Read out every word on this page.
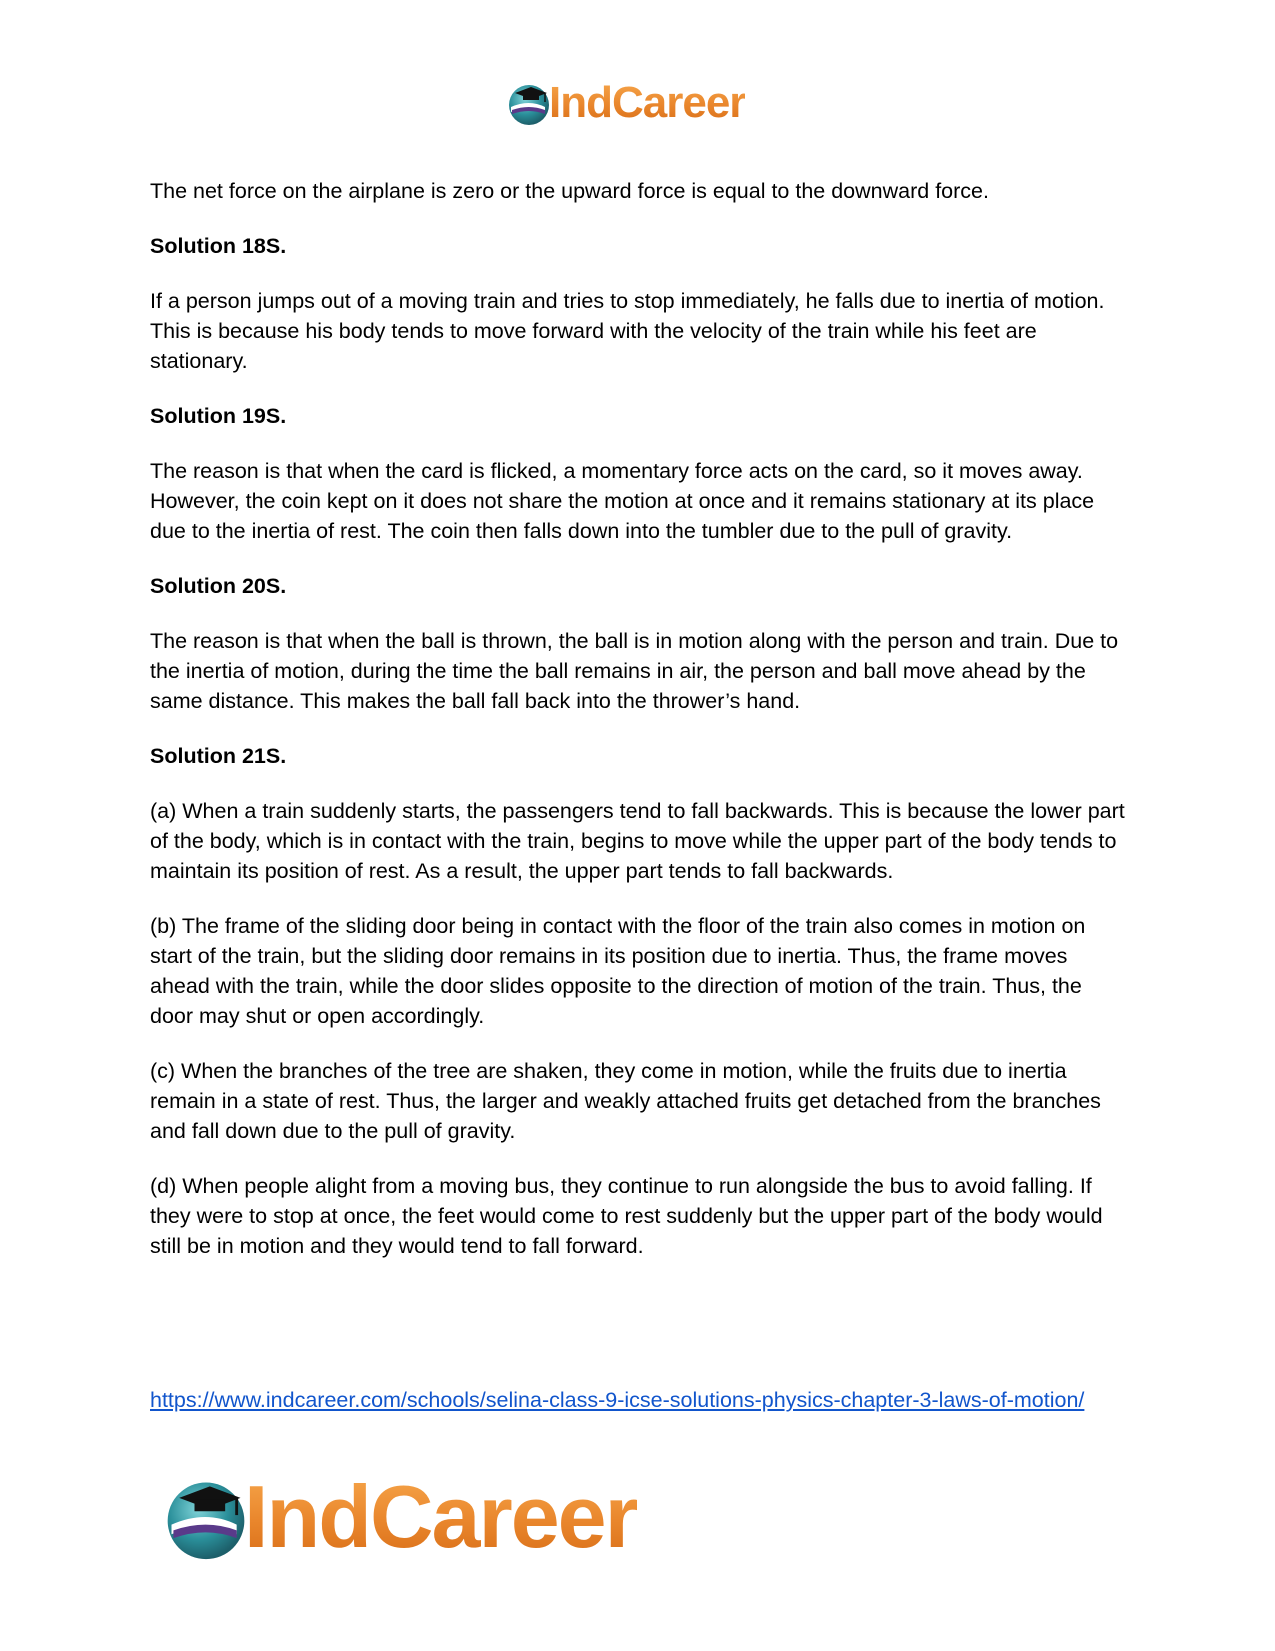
IndCareer

The net force on the airplane is zero or the upward force is equal to the downward force.

Solution 18S.

If a person jumps out of a moving train and tries to stop immediately, he falls due to inertia of motion. This is because his body tends to move forward with the velocity of the train while his feet are stationary.

Solution 19S.

The reason is that when the card is flicked, a momentary force acts on the card, so it moves away. However, the coin kept on it does not share the motion at once and it remains stationary at its place due to the inertia of rest. The coin then falls down into the tumbler due to the pull of gravity.

Solution 20S.

The reason is that when the ball is thrown, the ball is in motion along with the person and train. Due to the inertia of motion, during the time the ball remains in air, the person and ball move ahead by the same distance. This makes the ball fall back into the thrower’s hand.

Solution 21S.

(a) When a train suddenly starts, the passengers tend to fall backwards. This is because the lower part of the body, which is in contact with the train, begins to move while the upper part of the body tends to maintain its position of rest. As a result, the upper part tends to fall backwards.

(b) The frame of the sliding door being in contact with the floor of the train also comes in motion on start of the train, but the sliding door remains in its position due to inertia. Thus, the frame moves ahead with the train, while the door slides opposite to the direction of motion of the train. Thus, the door may shut or open accordingly.

(c) When the branches of the tree are shaken, they come in motion, while the fruits due to inertia remain in a state of rest. Thus, the larger and weakly attached fruits get detached from the branches and fall down due to the pull of gravity.

(d) When people alight from a moving bus, they continue to run alongside the bus to avoid falling. If they were to stop at once, the feet would come to rest suddenly but the upper part of the body would still be in motion and they would tend to fall forward.

https://www.indcareer.com/schools/selina-class-9-icse-solutions-physics-chapter-3-laws-of-motion/
IndCareer
